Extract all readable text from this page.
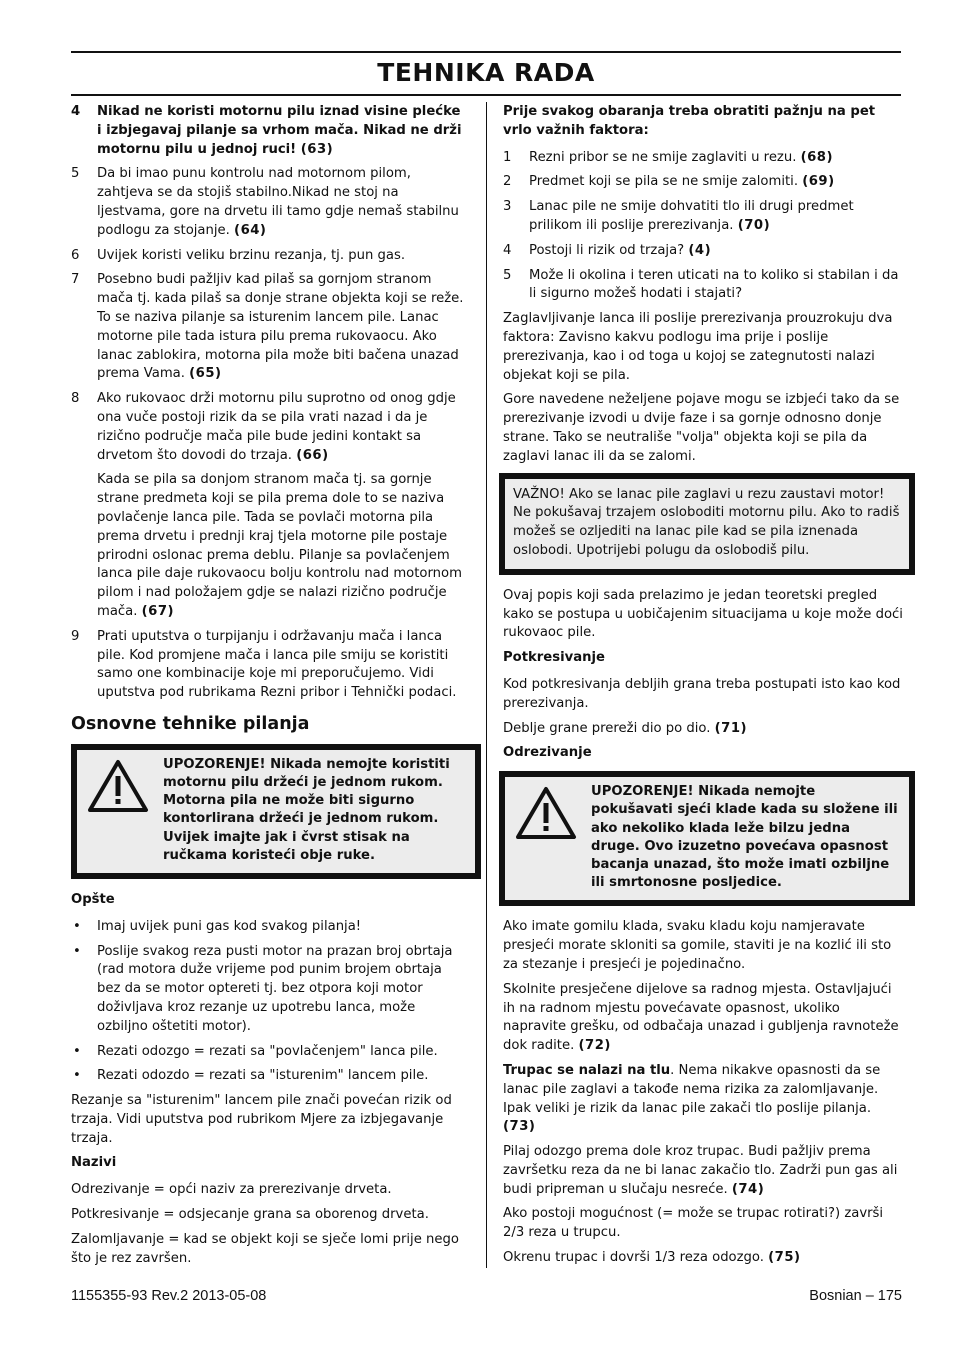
TEHNIKA RADA
4 Nikad ne koristi motornu pilu iznad visine plećke i izbjegavaj pilanje sa vrhom mača. Nikad ne drži motornu pilu u jednoj ruci! (63)
5 Da bi imao punu kontrolu nad motornom pilom, zahtjeva se da stojiš stabilno.Nikad ne stoj na ljestvama, gore na drvetu ili tamo gdje nemaš stabilnu podlogu za stojanje. (64)
6 Uvijek koristi veliku brzinu rezanja, tj. pun gas.
7 Posebno budi pažljiv kad pilaš sa gornjom stranom mača tj. kada pilaš sa donje strane objekta koji se reže. To se naziva pilanje sa isturenim lancem pile. Lanac motorne pile tada istura pilu prema rukovaocu. Ako lanac zablokira, motorna pila može biti bačena unazad prema Vama. (65)
8 Ako rukovaoc drži motornu pilu suprotno od onog gdje ona vuče postoji rizik da se pila vrati nazad i da je rizično područje mača pile bude jedini kontakt sa drvetom što dovodi do trzaja. (66)
Kada se pila sa donjom stranom mača tj. sa gornje strane predmeta koji se pila prema dole to se naziva povlačenje lanca pile. Tada se povlači motorna pila prema drvetu i prednji kraj tjela motorne pile postaje prirodni oslonac prema deblu. Pilanje sa povlačenjem lanca pile daje rukovaocu bolju kontrolu nad motornom pilom i nad položajem gdje se nalazi rizično područje mača. (67)
9 Prati uputstva o turpijanju i održavanju mača i lanca pile. Kod promjene mača i lanca pile smiju se koristiti samo one kombinacije koje mi preporučujemo. Vidi uputstva pod rubrikama Rezni pribor i Tehnički podaci.
Osnovne tehnike pilanja
UPOZORENJE! Nikada nemojte koristiti motornu pilu držeći je jednom rukom. Motorna pila ne može biti sigurno kontorlirana držeći je jednom rukom. Uvijek imajte jak i čvrst stisak na ručkama koristeći obje ruke.
Opšte
• Imaj uvijek puni gas kod svakog pilanja!
• Poslije svakog reza pusti motor na prazan broj obrtaja (rad motora duže vrijeme pod punim brojem obrtaja bez da se motor optereti tj. bez otpora koji motor doživljava kroz rezanje uz upotrebu lanca, može ozbiljno oštetiti motor).
• Rezati odozgo = rezati sa "povlačenjem" lanca pile.
• Rezati odozdo = rezati sa "isturenim" lancem pile.

Rezanje sa "isturenim" lancem pile znači povećan rizik od trzaja. Vidi uputstva pod rubrikom Mjere za izbjegavanje trzaja.

Nazivi

Odrezivanje = opći naziv za prerezivanje drveta.

Potkresivanje = odsjecanje grana sa oborenog drveta.

Zalomljavanje = kad se objekt koji se sječe lomi prije nego što je rez završen.

Prije svakog obaranja treba obratiti pažnju na pet vrlo važnih faktora:

1 Rezni pribor se ne smije zaglaviti u rezu. (68)
2 Predmet koji se pila se ne smije zalomiti. (69)
3 Lanac pile ne smije dohvatiti tlo ili drugi predmet prilikom ili poslije prerezivanja. (70)
4 Postoji li rizik od trzaja? (4)
5 Može li okolina i teren uticati na to koliko si stabilan i da li sigurno možeš hodati i stajati?

Zaglavljivanje lanca ili poslije prerezivanja prouzrokuju dva faktora: Zavisno kakvu podlogu ima prije i poslije prerezivanja, kao i od toga u kojoj se zategnutosti nalazi objekat koji se pila.

Gore navedene neželjene pojave mogu se izbjeći tako da se prerezivanje izvodi u dvije faze i sa gornje odnosno donje strane. Tako se neutrališe "volja" objekta koji se pila da zaglavi lanac ili da se zalomi.

VAŽNO! Ako se lanac pile zaglavi u rezu zaustavi motor! Ne pokušavaj trzajem osloboditi motornu pilu. Ako to radiš možeš se ozljediti na lanac pile kad se pila iznenada oslobodi. Upotrijebi polugu da oslobodiš pilu.

Ovaj popis koji sada prelazimo je jedan teoretski pregled kako se postupa u uobičajenim situacijama u koje može doći rukovaoc pile.

Potkresivanje

Kod potkresivanja debljih grana treba postupati isto kao kod prerezivanja.

Deblje grane prereži dio po dio. (71)

Odrezivanje
UPOZORENJE! Nikada nemojte pokušavati sjeći klade kada su složene ili ako nekoliko klada leže bilzu jedna druge. Ovo izuzetno povećava opasnost bacanja unazad, što može imati ozbiljne ili smrtonosne posljedice.

Ako imate gomilu klada, svaku kladu koju namjeravate presjeći morate skloniti sa gomile, staviti je na kozlić ili sto za stezanje i presjeći je pojedinačno.

Skolnite presječene dijelove sa radnog mjesta. Ostavljajući ih na radnom mjestu povećavate opasnost, ukoliko napravite grešku, od odbačaja unazad i gubljenja ravnoteže dok radite. (72)

Trupac se nalazi na tlu. Nema nikakve opasnosti da se lanac pile zaglavi a takođe nema rizika za zalomljavanje. Ipak veliki je rizik da lanac pile zakači tlo poslije pilanja. (73)

Pilaj odozgo prema dole kroz trupac. Budi pažljiv prema završetku reza da ne bi lanac zakačio tlo. Zadrži pun gas ali budi pripreman u slučaju nesreće. (74)

Ako postoji mogućnost (= može se trupac rotirati?) završi 2/3 reza u trupcu.

Okrenu trupac i dovrši 1/3 reza odozgo. (75)

1155355-93 Rev.2 2013-05-08	Bosnian – 175
